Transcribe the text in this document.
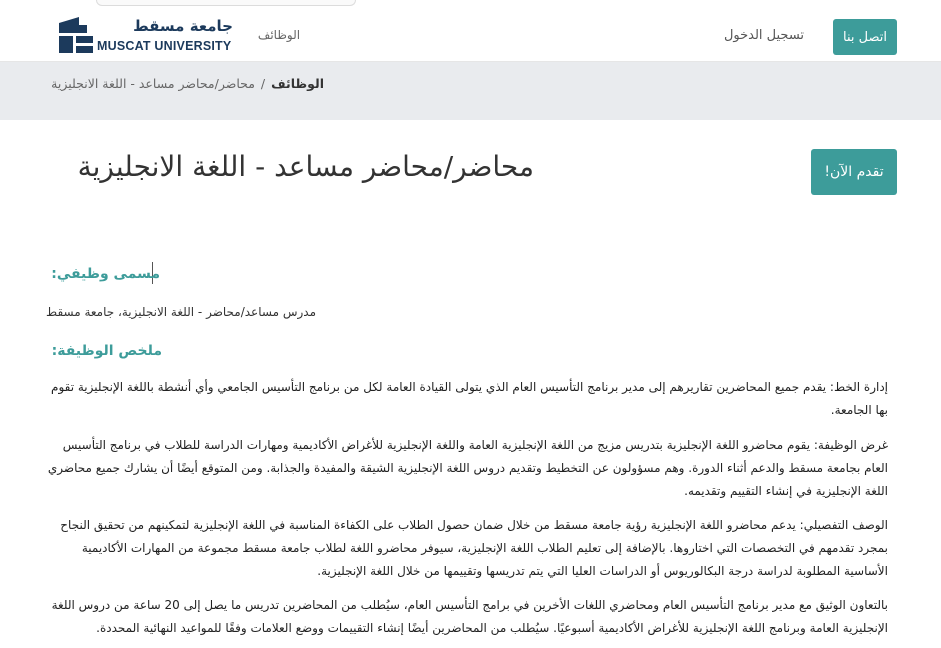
جامعة مسقط
MUSCAT UNIVERSITY
الوظائف	تسجيل الدخول	اتصل بنا
الوظائف/محاضر/محاضر مساعد - اللغة الانجليزية
!تقدم الآن
محاضر/محاضر مساعد - اللغة الانجليزية
مسمى وظيفي:

مدرس مساعد/محاضر - اللغة الانجليزية، جامعة مسقط

ملخص الوظيفة:

إدارة الخط: يقدم جميع المحاضرين تقاريرهم إلى مدير برنامج التأسيس العام الذي يتولى القيادة العامة لكل من برنامج التأسيس الجامعي وأي أنشطة باللغة الإنجليزية تقوم بها الجامعة.

غرض الوظيفة: يقوم محاضرو اللغة الإنجليزية بتدريس مزيج من اللغة الإنجليزية العامة واللغة الإنجليزية للأغراض الأكاديمية ومهارات الدراسة للطلاب في برنامج التأسيس العام بجامعة مسقط والدعم أثناء الدورة. وهم مسؤولون عن التخطيط وتقديم دروس اللغة الإنجليزية الشيقة والمفيدة والجذابة. ومن المتوقع أيضًا أن يشارك جميع محاضري اللغة الإنجليزية في إنشاء التقييم وتقديمه.

الوصف التفصيلي: يدعم محاضرو اللغة الإنجليزية رؤية جامعة مسقط من خلال ضمان حصول الطلاب على الكفاءة المناسبة في اللغة الإنجليزية لتمكينهم من تحقيق النجاح بمجرد تقدمهم في التخصصات التي اختاروها. بالإضافة إلى تعليم الطلاب اللغة الإنجليزية، سيوفر محاضرو اللغة لطلاب جامعة مسقط مجموعة من المهارات الأكاديمية الأساسية المطلوبة لدراسة درجة البكالوريوس أو الدراسات العليا التي يتم تدريسها وتقييمها من خلال اللغة الإنجليزية.

بالتعاون الوثيق مع مدير برنامج التأسيس العام ومحاضري اللغات الأخرين في برامج التأسيس العام، سيُطلب من المحاضرين تدريس ما يصل إلى 20 ساعة من دروس اللغة الإنجليزية العامة وبرنامج اللغة الإنجليزية للأغراض الأكاديمية أسبوعيًا. سيُطلب من المحاضرين أيضًا إنشاء التقييمات ووضع العلامات وفقًا للمواعيد النهائية المحددة.
